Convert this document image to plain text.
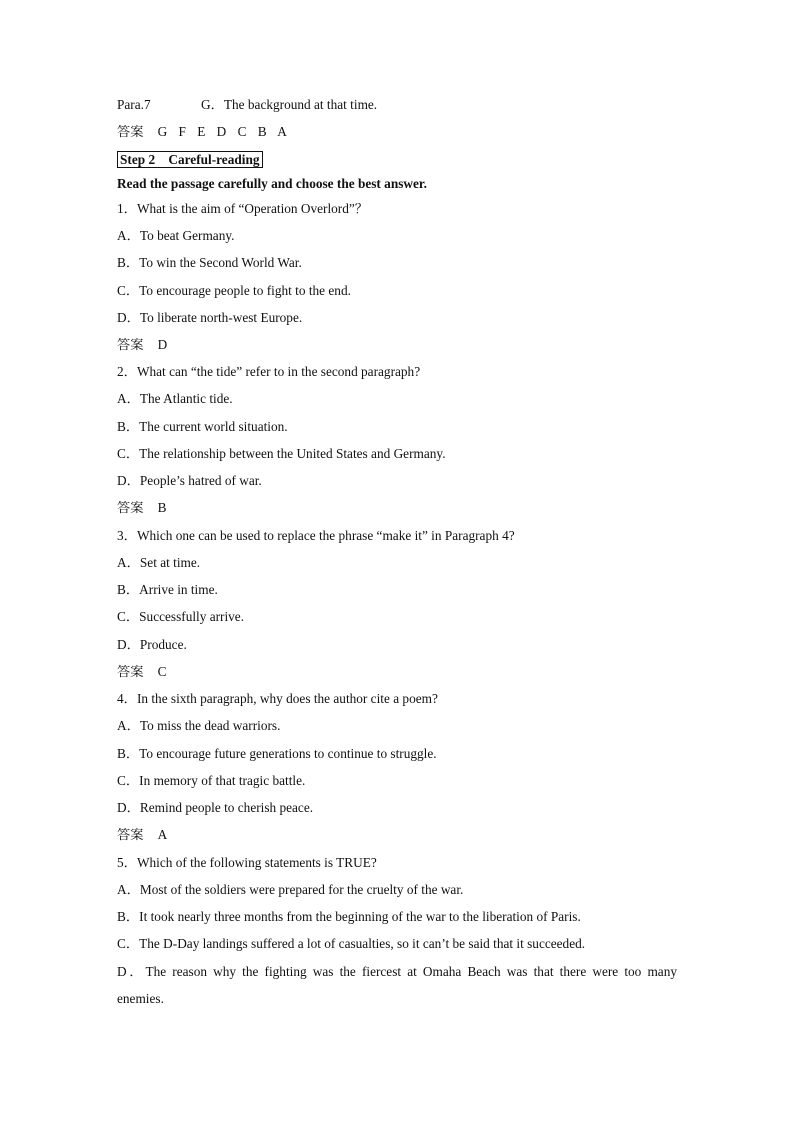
Para.7	G．The background at that time.
答案 G F E D C B A
Step 2　Careful-reading
Read the passage carefully and choose the best answer.
1．What is the aim of “Operation Overlord”？
A．To beat Germany.
B．To win the Second World War.
C．To encourage people to fight to the end.
D．To liberate north-west Europe.
答案 D
2．What can “the tide” refer to in the second paragraph?
A．The Atlantic tide.
B．The current world situation.
C．The relationship between the United States and Germany.
D．People’s hatred of war.
答案 B
3．Which one can be used to replace the phrase “make it” in Paragraph 4?
A．Set at time.
B．Arrive in time.
C．Successfully arrive.
D．Produce.
答案 C
4．In the sixth paragraph, why does the author cite a poem?
A．To miss the dead warriors.
B．To encourage future generations to continue to struggle.
C．In memory of that tragic battle.
D．Remind people to cherish peace.
答案 A
5．Which of the following statements is TRUE?
A．Most of the soldiers were prepared for the cruelty of the war.
B．It took nearly three months from the beginning of the war to the liberation of Paris.
C．The D-Day landings suffered a lot of casualties, so it can’t be said that it succeeded.
D．The reason why the fighting was the fiercest at Omaha Beach was that there were too many
enemies.
